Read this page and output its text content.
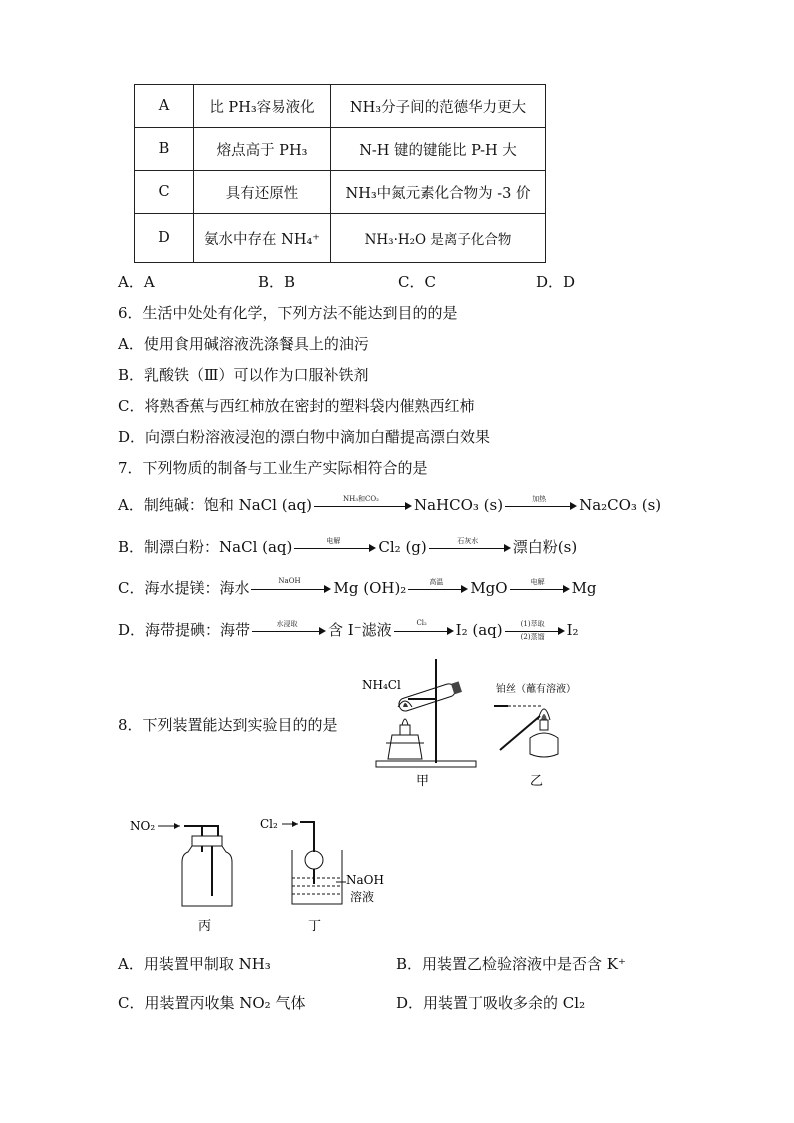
A	比 PH₃容易液化	NH₃分子间的范德华力更大
B	熔点高于 PH₃	N-H 键的键能比 P-H 大
C	具有还原性	NH₃中氮元素化合物为 -3 价
D	氨水中存在 NH₄⁺	NH₃·H₂O 是离子化合物
A．A	B．B	C．C	D．D
6．生活中处处有化学，下列方法不能达到目的的是
A．使用食用碱溶液洗涤餐具上的油污
B．乳酸铁（Ⅲ）可以作为口服补铁剂
C．将熟香蕉与西红柿放在密封的塑料袋内催熟西红柿
D．向漂白粉溶液浸泡的漂白物中滴加白醋提高漂白效果
7．下列物质的制备与工业生产实际相符合的是
A．制纯碱：饱和 NaCl (aq)	NH₃和CO₂	NaHCO₃ (s)	加热	Na₂CO₃ (s)
B．制漂白粉：NaCl (aq)	电解	Cl₂ (g)	石灰水	漂白粉(s)
C．海水提镁：海水	NaOH	Mg (OH)₂	高温	MgO	电解	Mg
D．海带提碘：海带	水浸取	含 I⁻滤液	Cl₂	I₂ (aq)	(1)萃取
(2)蒸馏	I₂
8．下列装置能达到实验目的的是
NH₄Cl
甲
铂丝（蘸有溶液）
乙
NO₂
丙
Cl₂
NaOH
溶液
丁
A．用装置甲制取 NH₃	B．用装置乙检验溶液中是否含 K⁺
C．用装置丙收集 NO₂ 气体	D．用装置丁吸收多余的 Cl₂
